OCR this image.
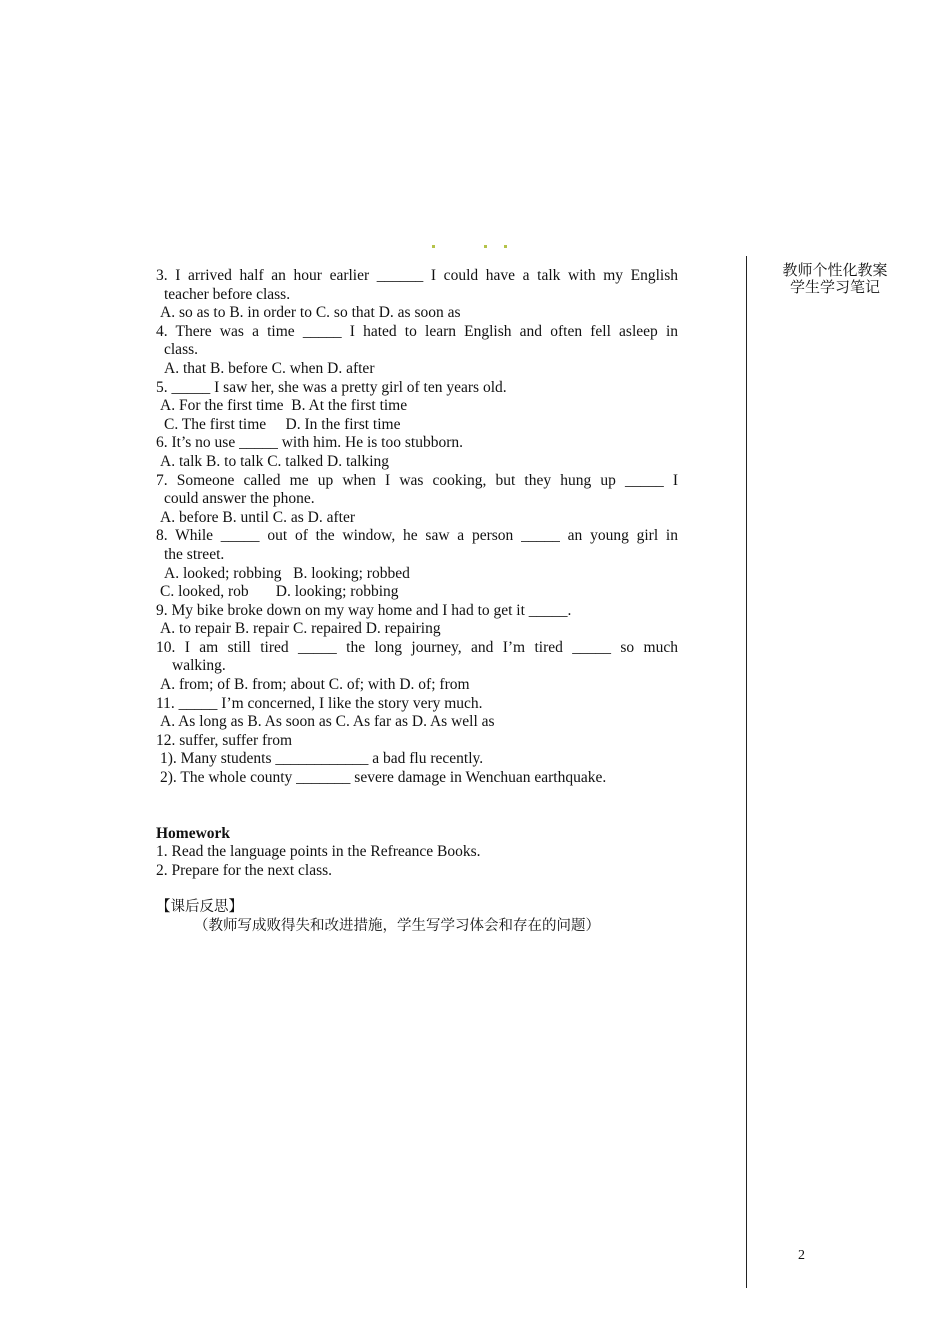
3. I arrived half an hour earlier ______ I could have a talk with my English
teacher before class.
A. so as to B. in order to C. so that D. as soon as
4. There was a time _____ I hated to learn English and often fell asleep in
class.
A. that B. before C. when D. after
5. _____ I saw her, she was a pretty girl of ten years old.
A. For the first time  B. At the first time
C. The first time     D. In the first time
6. It’s no use _____ with him. He is too stubborn.
A. talk B. to talk C. talked D. talking
7. Someone called me up when I was cooking, but they hung up _____ I
could answer the phone.
A. before B. until C. as D. after
8. While _____ out of the window, he saw a person _____ an young girl in
the street.
A. looked; robbing   B. looking; robbed
C. looked, rob       D. looking; robbing
9. My bike broke down on my way home and I had to get it _____.
A. to repair B. repair C. repaired D. repairing
10. I am still tired _____ the long journey, and I’m tired _____ so much
walking.
A. from; of B. from; about C. of; with D. of; from
11. _____ I’m concerned, I like the story very much.
A. As long as B. As soon as C. As far as D. As well as
12. suffer, suffer from
1). Many students ____________ a bad flu recently.
2). The whole county _______ severe damage in Wenchuan earthquake.
Homework
1. Read the language points in the Refreance Books.
2. Prepare for the next class.
【课后反思】
（教师写成败得失和改进措施，学生写学习体会和存在的问题）
教师个性化教案
学生学习笔记
2
